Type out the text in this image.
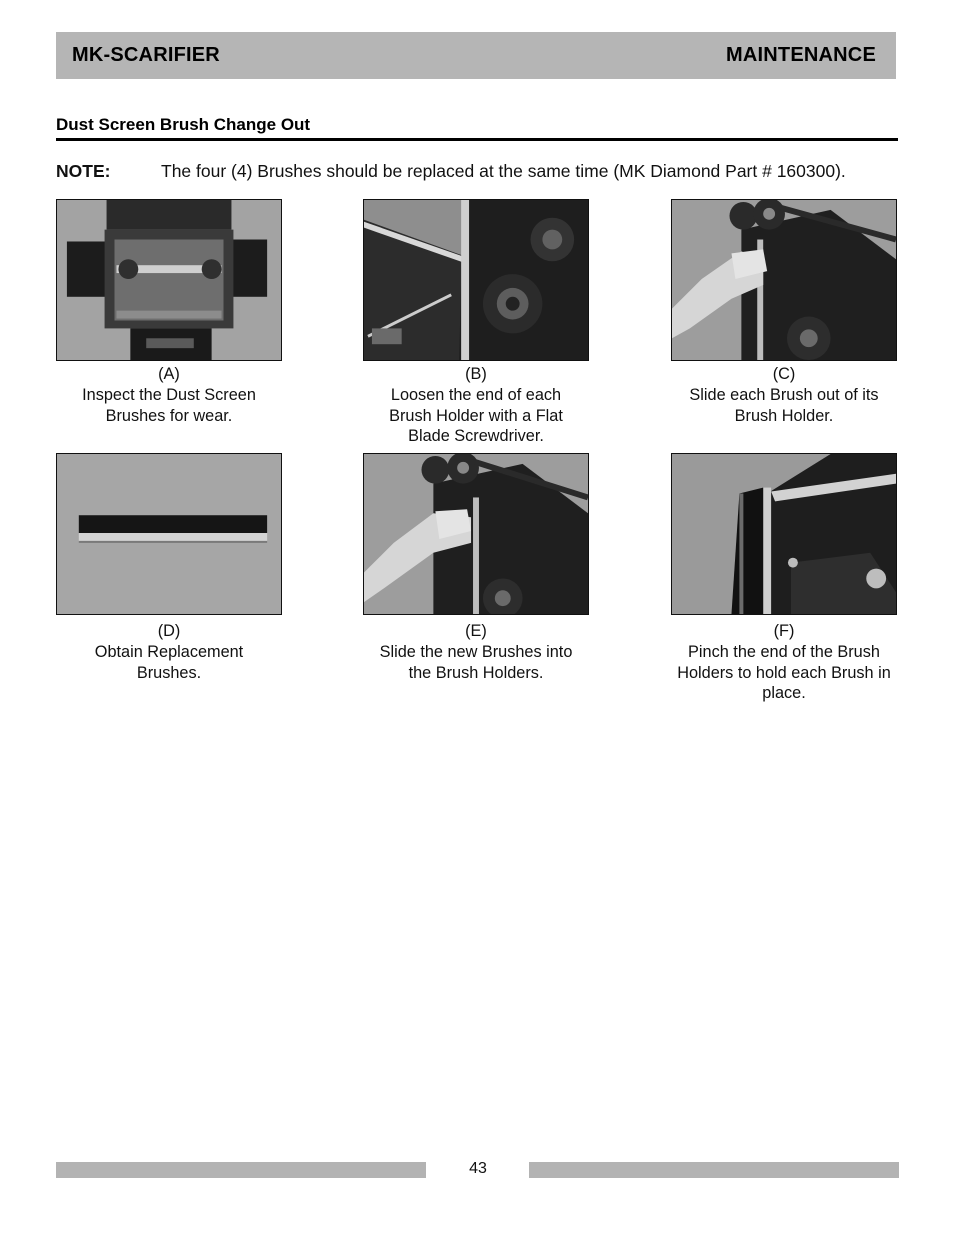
MK-SCARIFIER	MAINTENANCE
Dust Screen Brush Change Out
NOTE:	The four (4) Brushes should be replaced at the same time (MK Diamond Part # 160300).
(A)
Inspect the Dust Screen
Brushes for wear.
(B)
Loosen the end of each
Brush Holder with a Flat
Blade Screwdriver.
(C)
Slide each Brush out of its
Brush Holder.
(D)
Obtain Replacement
Brushes.
(E)
Slide the new Brushes into
the Brush Holders.
(F)
Pinch the end of the Brush
Holders to hold each Brush in
place.
43
